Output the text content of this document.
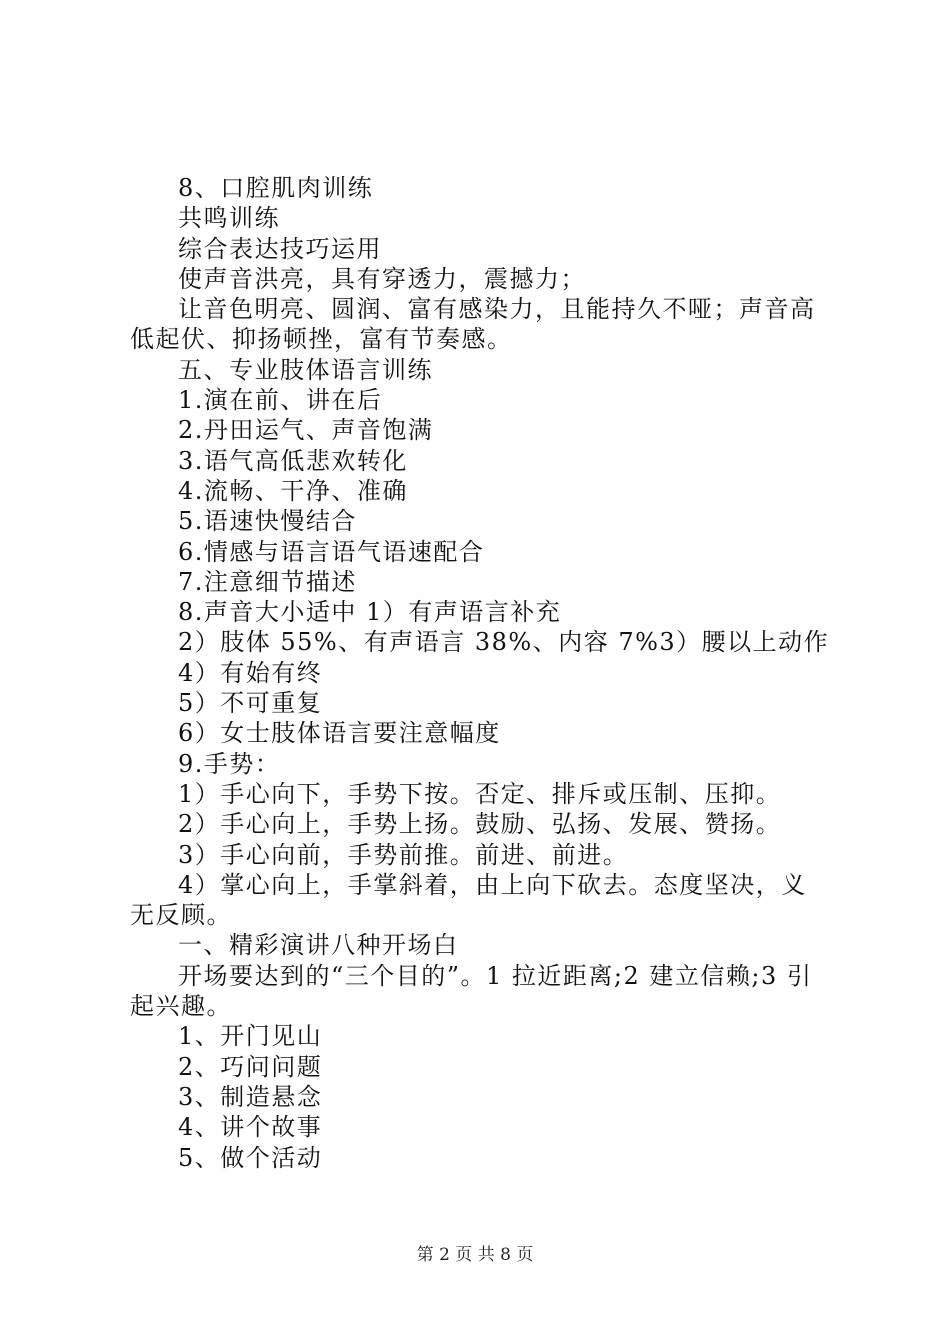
8、口腔肌肉训练

共鸣训练

综合表达技巧运用

使声音洪亮，具有穿透力，震撼力；

让音色明亮、圆润、富有感染力，且能持久不哑；声音高低起伏、抑扬顿挫，富有节奏感。

五、专业肢体语言训练

1.演在前、讲在后

2.丹田运气、声音饱满

3.语气高低悲欢转化

4.流畅、干净、准确

5.语速快慢结合

6.情感与语言语气语速配合

7.注意细节描述

8.声音大小适中 1）有声语言补充

2）肢体 55%、有声语言 38%、内容 7%3）腰以上动作

4）有始有终

5）不可重复

6）女士肢体语言要注意幅度

9.手势：

1）手心向下，手势下按。否定、排斥或压制、压抑。

2）手心向上，手势上扬。鼓励、弘扬、发展、赞扬。

3）手心向前，手势前推。前进、前进。

4）掌心向上，手掌斜着，由上向下砍去。态度坚决，义无反顾。

一、精彩演讲八种开场白

开场要达到的“三个目的”。1 拉近距离;2 建立信赖;3 引起兴趣。

1、开门见山

2、巧问问题

3、制造悬念

4、讲个故事

5、做个活动

第 2 页 共 8 页
